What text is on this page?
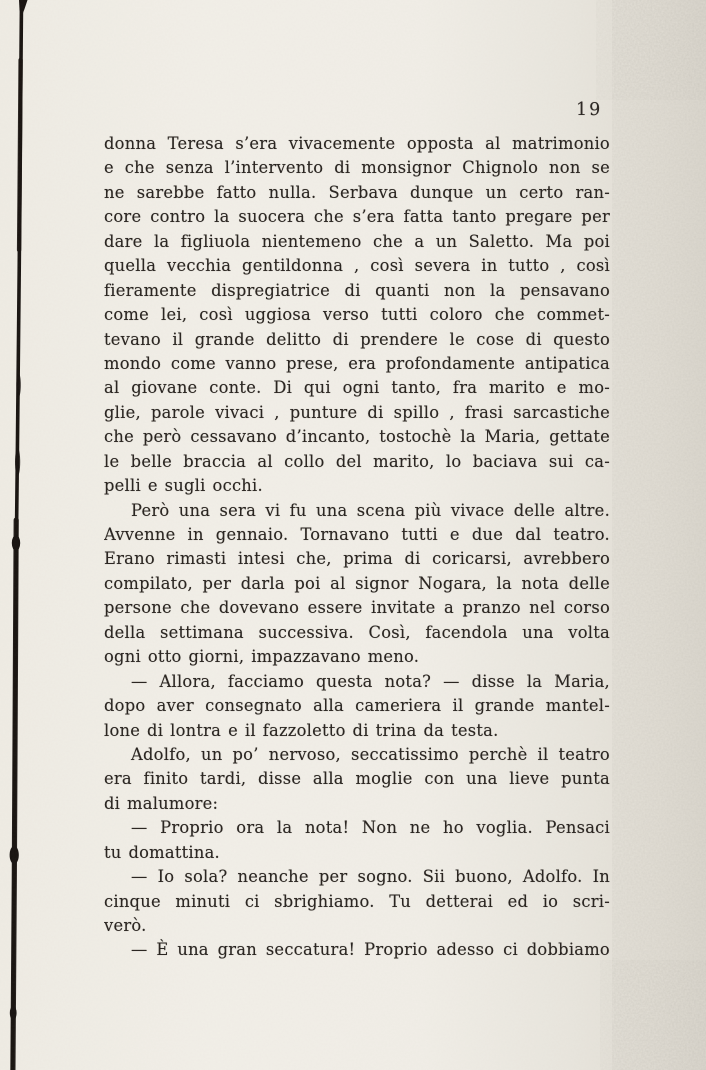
19
donna Teresa s’era vivacemente opposta al matrimonio
e che senza l’intervento di monsignor Chignolo non se
ne sarebbe fatto nulla. Serbava dunque un certo ran-
core contro la suocera che s’era fatta tanto pregare per
dare la figliuola nientemeno che a un Saletto. Ma poi
quella vecchia gentildonna , così severa in tutto , così
fieramente dispregiatrice di quanti non la pensavano
come lei, così uggiosa verso tutti coloro che commet-
tevano il grande delitto di prendere le cose di questo
mondo come vanno prese, era profondamente antipatica
al giovane conte. Di qui ogni tanto, fra marito e mo-
glie, parole vivaci , punture di spillo , frasi sarcastiche
che però cessavano d’incanto, tostochè la Maria, gettate
le belle braccia al collo del marito, lo baciava sui ca-
pelli e sugli occhi.
Però una sera vi fu una scena più vivace delle altre.
Avvenne in gennaio. Tornavano tutti e due dal teatro.
Erano rimasti intesi che, prima di coricarsi, avrebbero
compilato, per darla poi al signor Nogara, la nota delle
persone che dovevano essere invitate a pranzo nel corso
della settimana successiva. Così, facendola una volta
ogni otto giorni, impazzavano meno.
— Allora, facciamo questa nota? — disse la Maria,
dopo aver consegnato alla cameriera il grande mantel-
lone di lontra e il fazzoletto di trina da testa.
Adolfo, un po’ nervoso, seccatissimo perchè il teatro
era finito tardi, disse alla moglie con una lieve punta
di malumore:
— Proprio ora la nota! Non ne ho voglia. Pensaci
tu domattina.
— Io sola? neanche per sogno. Sii buono, Adolfo. In
cinque minuti ci sbrighiamo. Tu detterai ed io scri-
verò.
— È una gran seccatura! Proprio adesso ci dobbiamo
